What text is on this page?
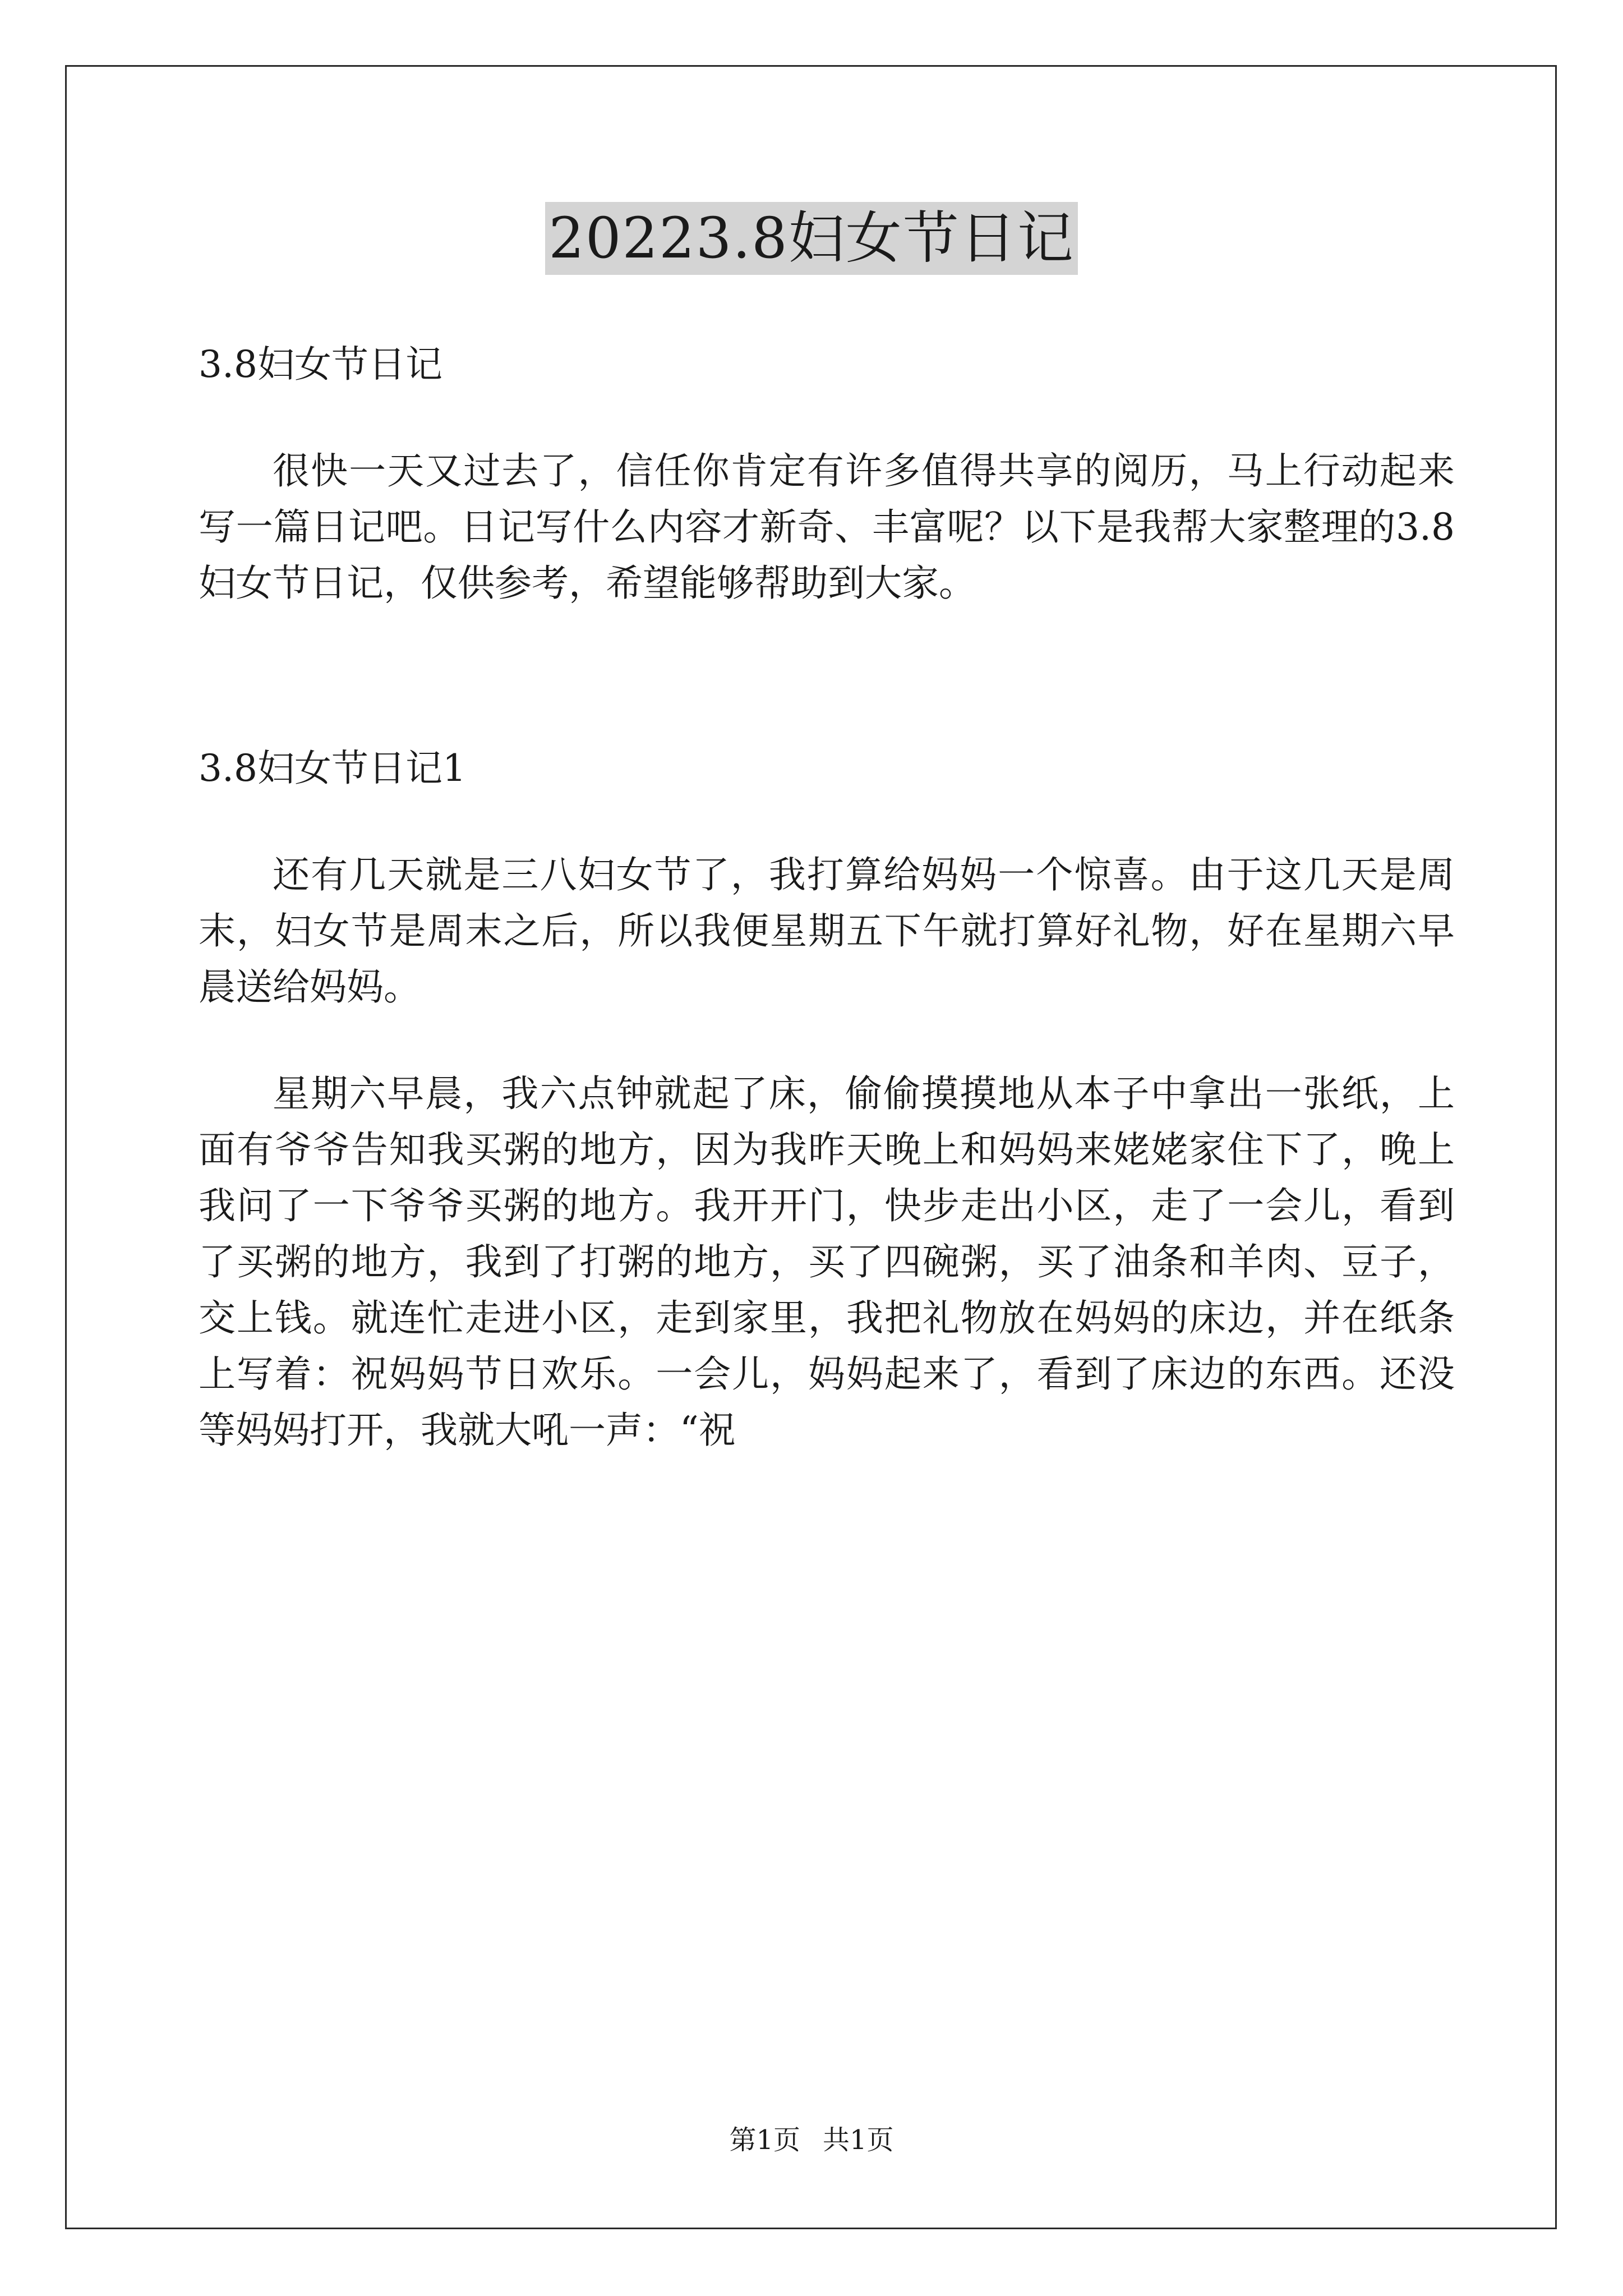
20223.8妇女节日记

3.8妇女节日记

很快一天又过去了，信任你肯定有许多值得共享的阅历，马上行动起来写一篇日记吧。日记写什么内容才新奇、丰富呢？以下是我帮大家整理的3.8妇女节日记，仅供参考，希望能够帮助到大家。

3.8妇女节日记1

还有几天就是三八妇女节了，我打算给妈妈一个惊喜。由于这几天是周末，妇女节是周末之后，所以我便星期五下午就打算好礼物，好在星期六早晨送给妈妈。

星期六早晨，我六点钟就起了床，偷偷摸摸地从本子中拿出一张纸，上面有爷爷告知我买粥的地方，因为我昨天晚上和妈妈来姥姥家住下了，晚上我问了一下爷爷买粥的地方。我开开门，快步走出小区，走了一会儿，看到了买粥的地方，我到了打粥的地方，买了四碗粥，买了油条和羊肉、豆子，交上钱。就连忙走进小区，走到家里，我把礼物放在妈妈的床边，并在纸条上写着：祝妈妈节日欢乐。一会儿，妈妈起来了，看到了床边的东西。还没等妈妈打开，我就大吼一声：“祝

第1页 共1页
